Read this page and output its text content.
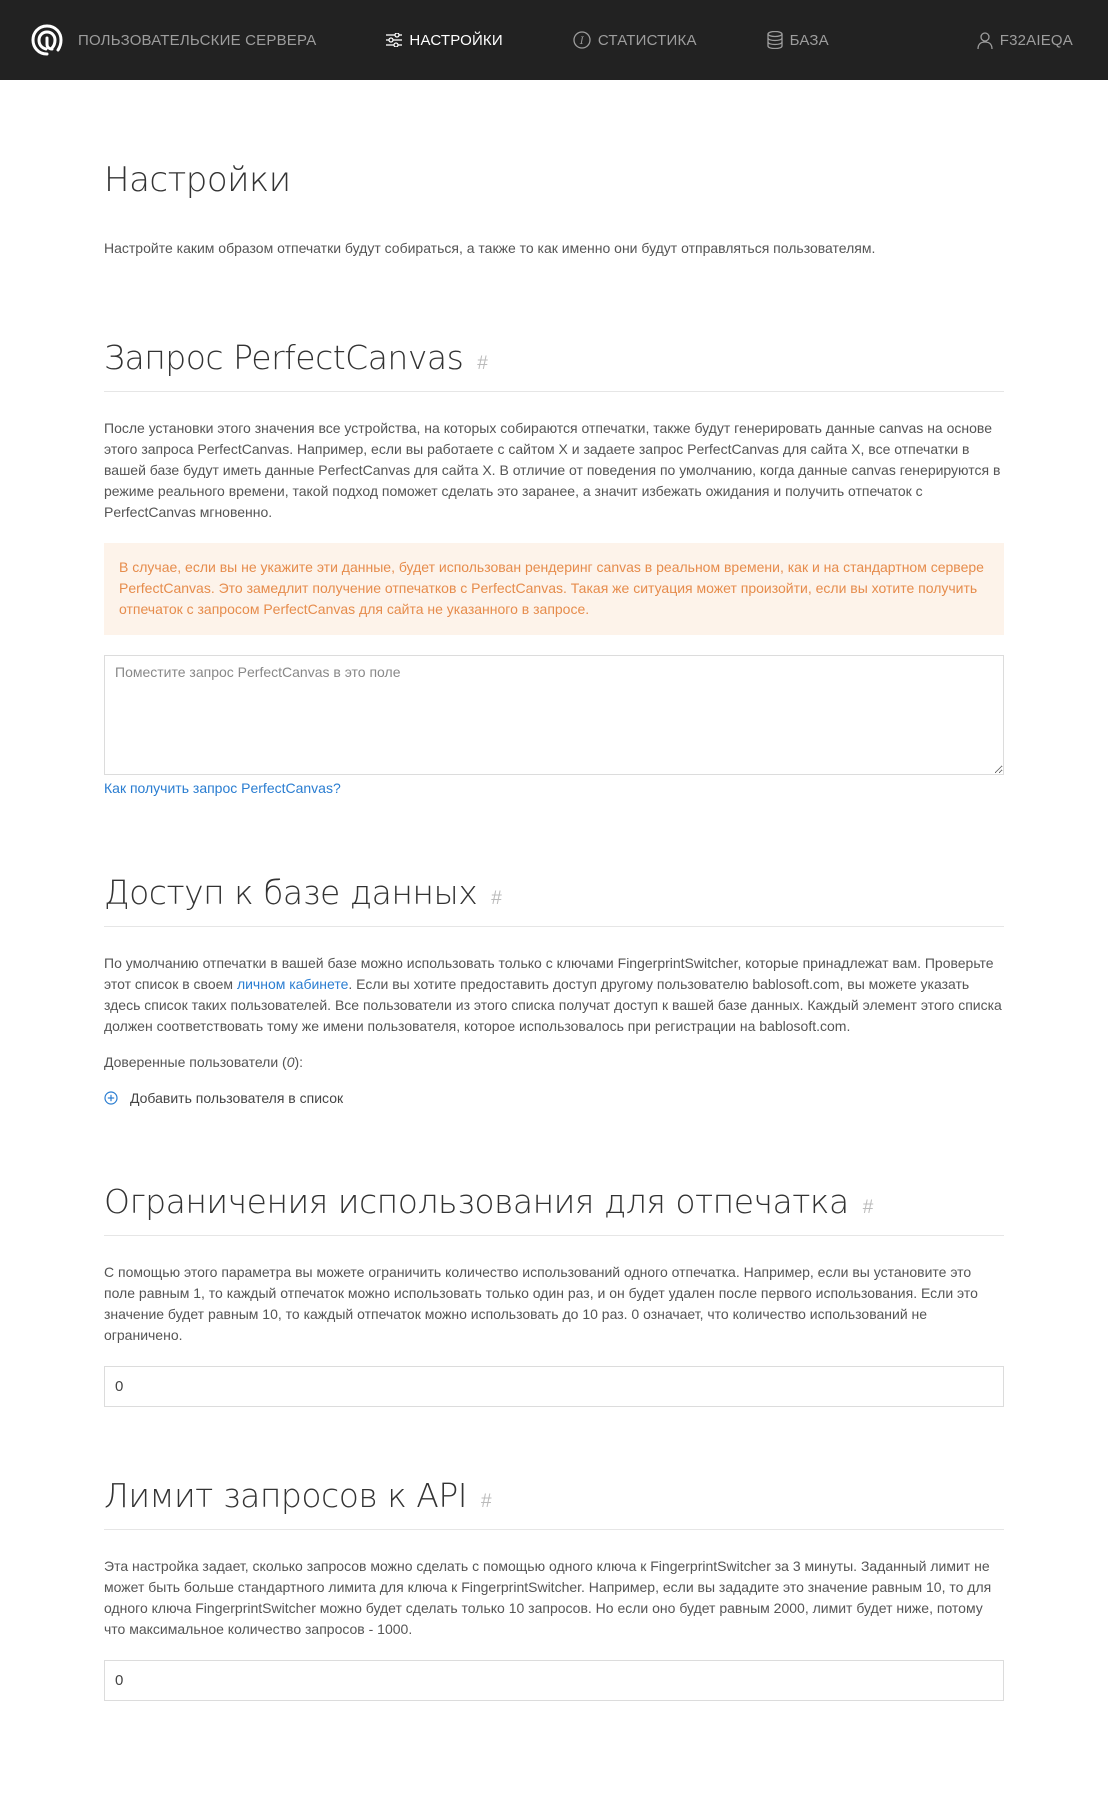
ПОЛЬЗОВАТЕЛЬСКИЕ СЕРВЕРА	НАСТРОЙКИ	I СТАТИСТИКА	БАЗА	F32AIEQA
Настройки

Настройте каким образом отпечатки будут собираться, а также то как именно они будут отправляться пользователям.

Запрос PerfectCanvas #

После установки этого значения все устройства, на которых собираются отпечатки, также будут генерировать данные canvas на основе этого запроса PerfectCanvas. Например, если вы работаете с сайтом X и задаете запрос PerfectCanvas для сайта X, все отпечатки в вашей базе будут иметь данные PerfectCanvas для сайта X. В отличие от поведения по умолчанию, когда данные canvas генерируются в режиме реального времени, такой подход поможет сделать это заранее, а значит избежать ожидания и получить отпечаток с PerfectCanvas мгновенно.

В случае, если вы не укажите эти данные, будет использован рендеринг canvas в реальном времени, как и на стандартном сервере PerfectCanvas. Это замедлит получение отпечатков с PerfectCanvas. Такая же ситуация может произойти, если вы хотите получить отпечаток с запросом PerfectCanvas для сайта не указанного в запросе.
Поместите запрос PerfectCanvas в это поле Как получить запрос PerfectCanvas?
Доступ к базе данных #

По умолчанию отпечатки в вашей базе можно использовать только с ключами FingerprintSwitcher, которые принадлежат вам. Проверьте этот список в своем личном кабинете. Если вы хотите предоставить доступ другому пользователю bablosoft.com, вы можете указать здесь список таких пользователей. Все пользователи из этого списка получат доступ к вашей базе данных. Каждый элемент этого списка должен соответствовать тому же имени пользователя, которое использовалось при регистрации на bablosoft.com.

Доверенные пользователи (0):

Добавить пользователя в список
Ограничения использования для отпечатка #

С помощью этого параметра вы можете ограничить количество использований одного отпечатка. Например, если вы установите это поле равным 1, то каждый отпечаток можно использовать только один раз, и он будет удален после первого использования. Если это значение будет равным 10, то каждый отпечаток можно использовать до 10 раз. 0 означает, что количество использований не ограничено.

0
Лимит запросов к API #

Эта настройка задает, сколько запросов можно сделать с помощью одного ключа к FingerprintSwitcher за 3 минуты. Заданный лимит не может быть больше стандартного лимита для ключа к FingerprintSwitcher. Например, если вы зададите это значение равным 10, то для одного ключа FingerprintSwitcher можно будет сделать только 10 запросов. Но если оно будет равным 2000, лимит будет ниже, потому что максимальное количество запросов - 1000.

0
